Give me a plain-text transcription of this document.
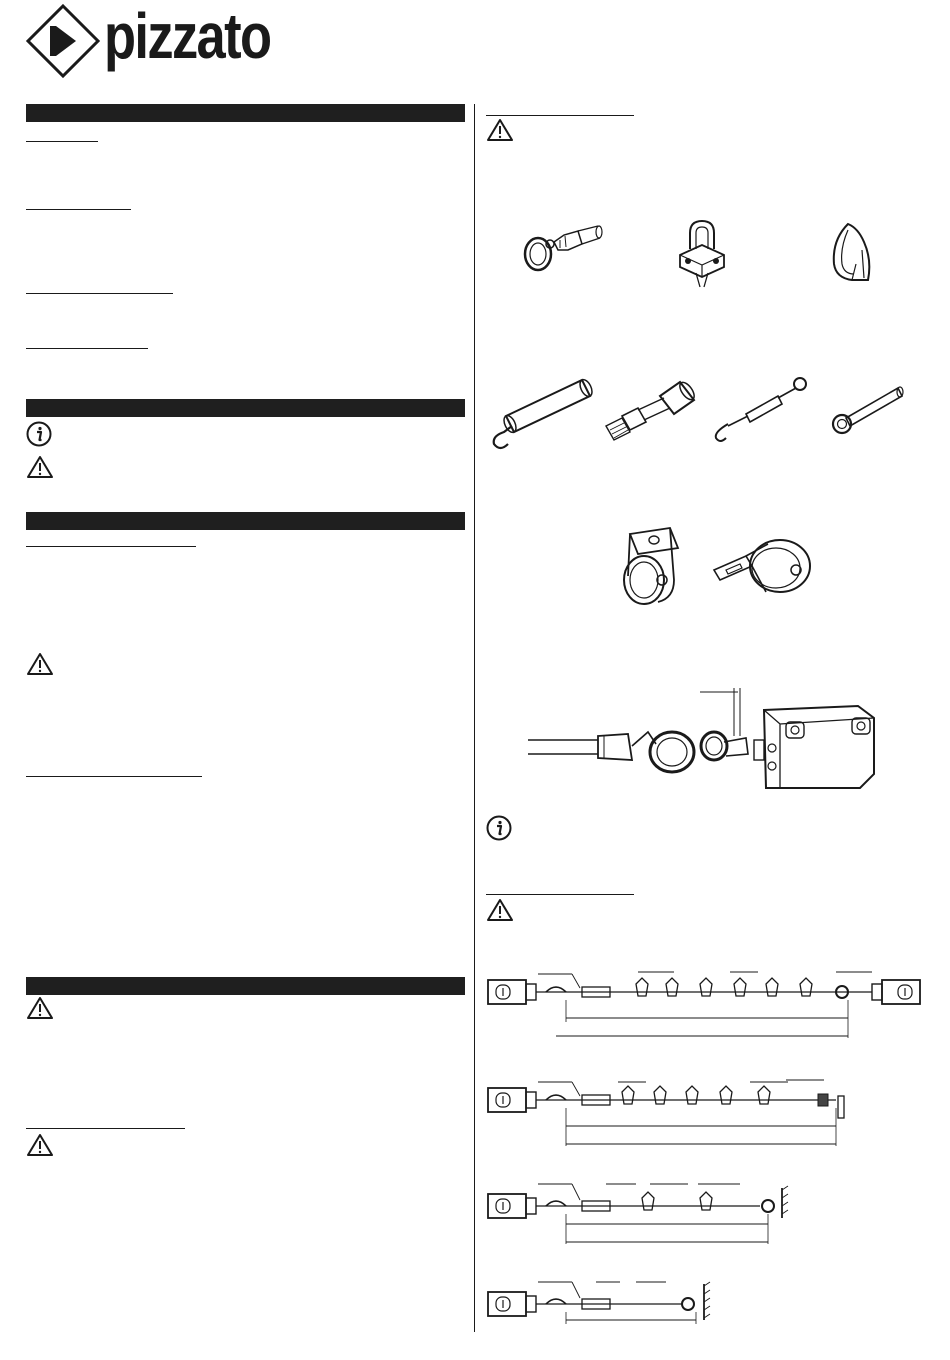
pizzato
